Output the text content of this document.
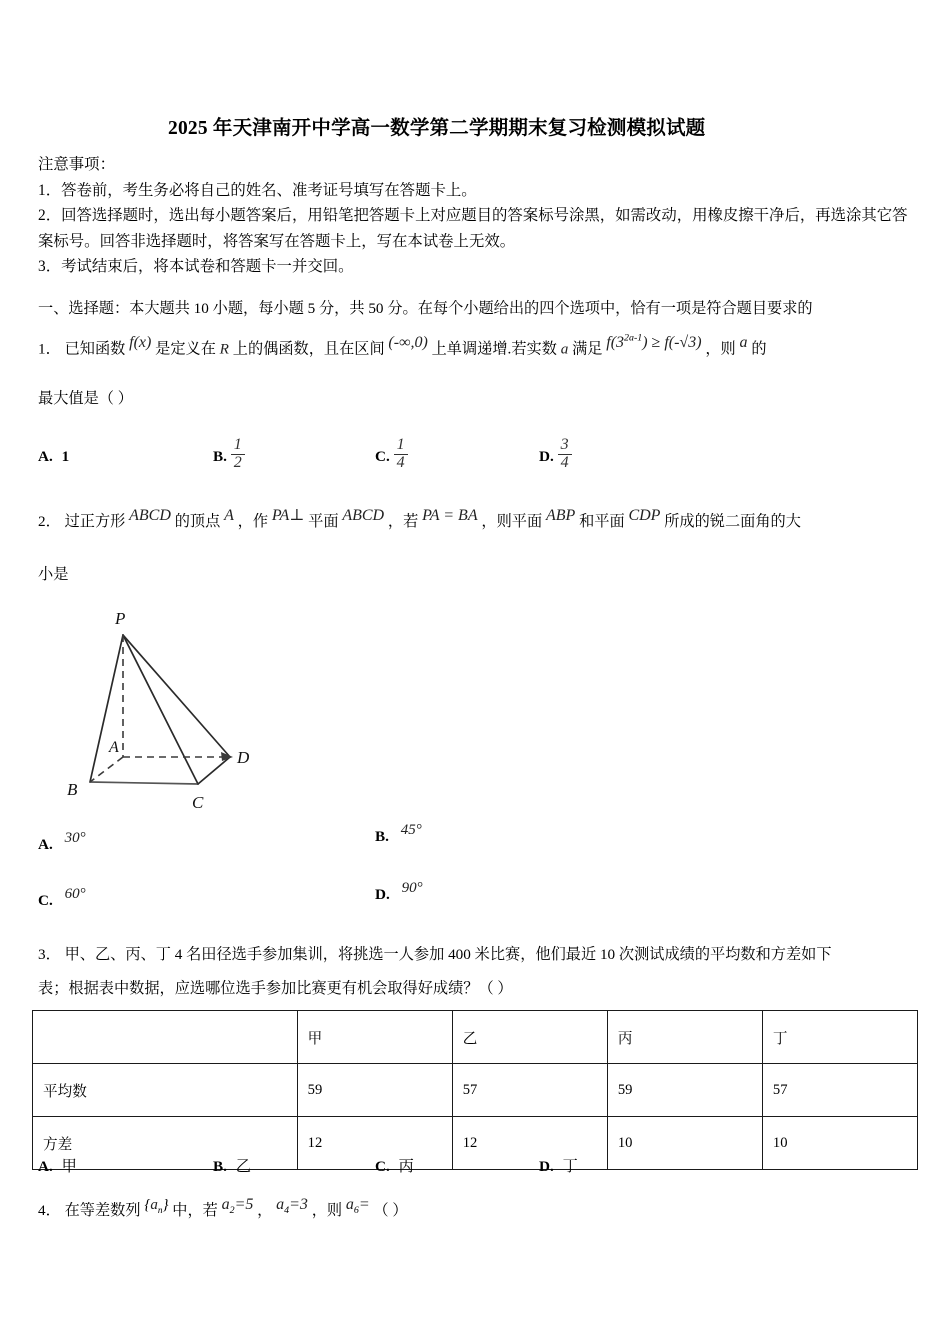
2025 年天津南开中学高一数学第二学期期末复习检测模拟试题
注意事项：
1．答卷前，考生务必将自己的姓名、准考证号填写在答题卡上。
2．回答选择题时，选出每小题答案后，用铅笔把答题卡上对应题目的答案标号涂黑，如需改动，用橡皮擦干净后，再选涂其它答案标号。回答非选择题时，将答案写在答题卡上，写在本试卷上无效。
3．考试结束后，将本试卷和答题卡一并交回。
一、选择题：本大题共 10 小题，每小题 5 分，共 50 分。在每个小题给出的四个选项中，恰有一项是符合题目要求的
1． 已知函数 f(x) 是定义在 R 上的偶函数，且在区间 (-∞,0) 上单调递增.若实数 a 满足 $f(3^{2a-1}) \ge f(-√3)$ ，则 a 的
最大值是（ ）
A. 1	B. $\frac{1}{2}$	C. $\frac{1}{4}$	D. $\frac{3}{4}$
2． 过正方形 ABCD 的顶点 A ，作 PA⊥ 平面 ABCD ，若 PA = BA ，则平面 ABP 和平面 CDP 所成的锐二面角的大
小是
P
A
B
C
D
A. 30°	B. 45°
C. 60°	D. 90°
3． 甲、乙、丙、丁 4 名田径选手参加集训，将挑选一人参加 400 米比赛，他们最近 10 次测试成绩的平均数和方差如下
表；根据表中数据，应选哪位选手参加比赛更有机会取得好成绩？（ ）
	甲	乙	丙	丁
平均数	59	57	59	57
方差	12	12	10	10
A. 甲	B. 乙	C. 丙	D. 丁
4． 在等差数列 $\{a_n\}$ 中，若 $a_2=5$ ， $a_4=3$ ，则 $a_6=$ （ ）
